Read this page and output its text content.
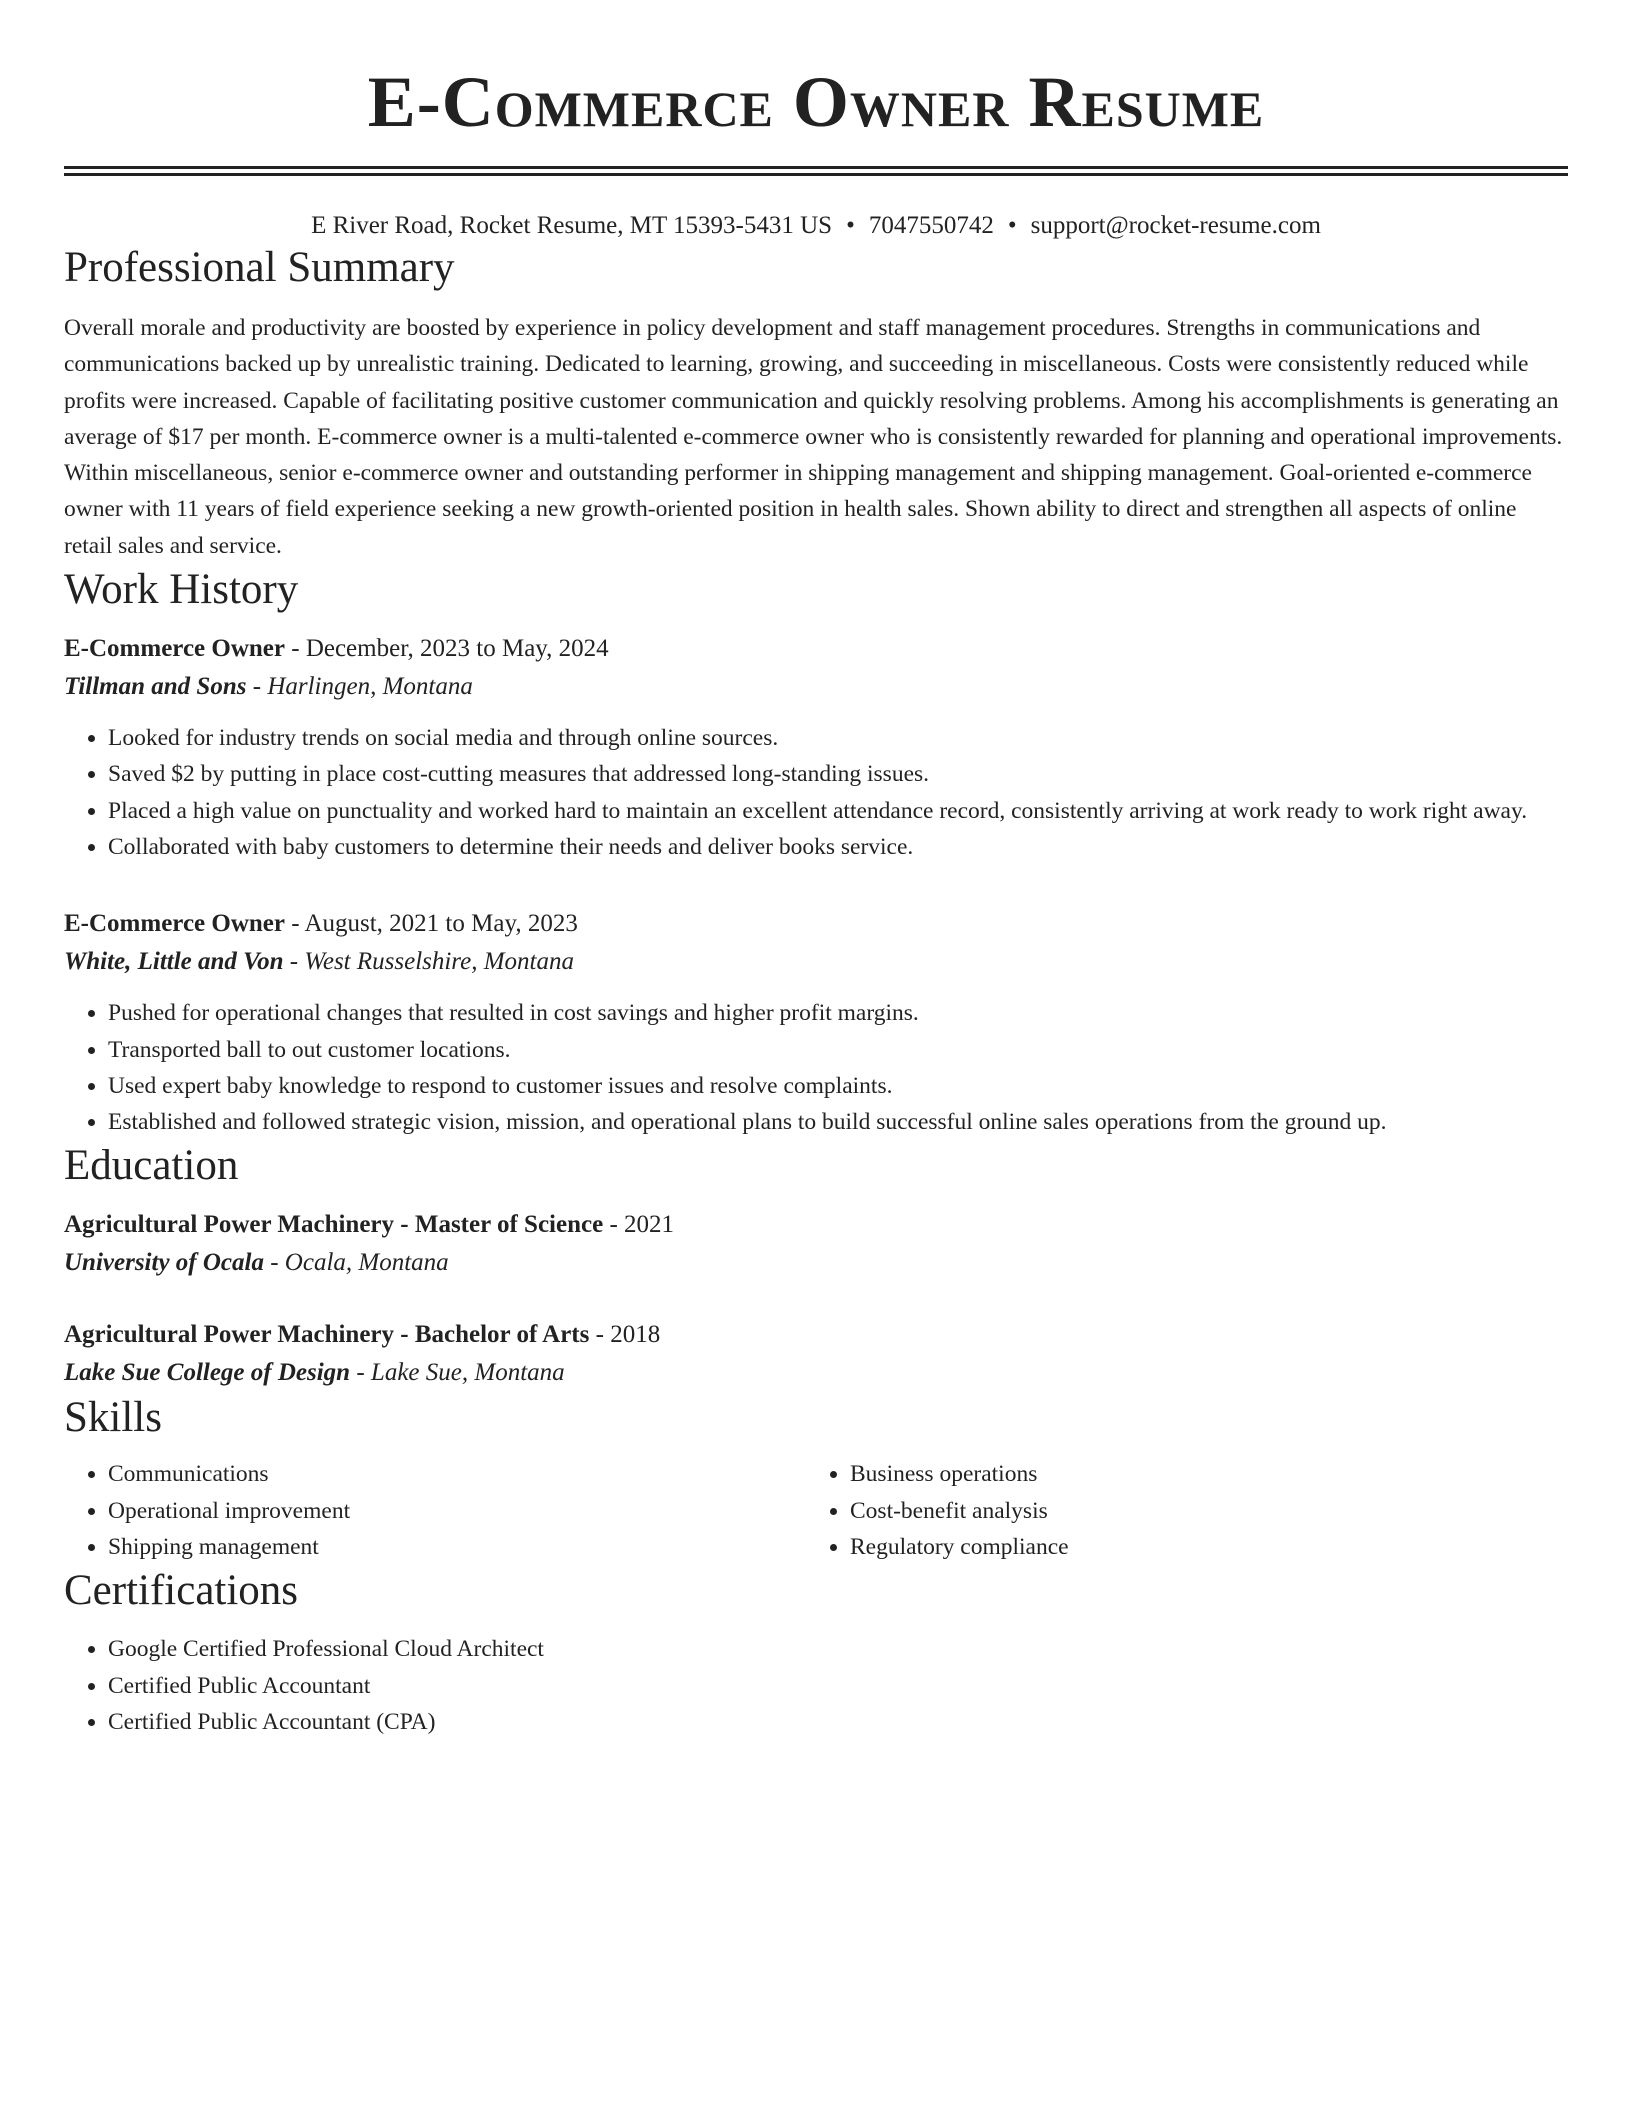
E-Commerce Owner Resume
E River Road, Rocket Resume, MT 15393-5431 US • 7047550742 • support@rocket-resume.com
Professional Summary

Overall morale and productivity are boosted by experience in policy development and staff management procedures. Strengths in communications and communications backed up by unrealistic training. Dedicated to learning, growing, and succeeding in miscellaneous. Costs were consistently reduced while profits were increased. Capable of facilitating positive customer communication and quickly resolving problems. Among his accomplishments is generating an average of $17 per month. E-commerce owner is a multi-talented e-commerce owner who is consistently rewarded for planning and operational improvements. Within miscellaneous, senior e-commerce owner and outstanding performer in shipping management and shipping management. Goal-oriented e-commerce owner with 11 years of field experience seeking a new growth-oriented position in health sales. Shown ability to direct and strengthen all aspects of online retail sales and service.

Work History
E-Commerce Owner - December, 2023 to May, 2024
Tillman and Sons - Harlingen, Montana
• Looked for industry trends on social media and through online sources.
• Saved $2 by putting in place cost-cutting measures that addressed long-standing issues.
• Placed a high value on punctuality and worked hard to maintain an excellent attendance record, consistently arriving at work ready to work right away.
• Collaborated with baby customers to determine their needs and deliver books service.
E-Commerce Owner - August, 2021 to May, 2023
White, Little and Von - West Russelshire, Montana
• Pushed for operational changes that resulted in cost savings and higher profit margins.
• Transported ball to out customer locations.
• Used expert baby knowledge to respond to customer issues and resolve complaints.
• Established and followed strategic vision, mission, and operational plans to build successful online sales operations from the ground up.
Education
Agricultural Power Machinery - Master of Science - 2021
University of Ocala - Ocala, Montana
Agricultural Power Machinery - Bachelor of Arts - 2018
Lake Sue College of Design - Lake Sue, Montana
Skills
• Communications
• Operational improvement
• Shipping management
• Business operations
• Cost-benefit analysis
• Regulatory compliance
Certifications
• Google Certified Professional Cloud Architect
• Certified Public Accountant
• Certified Public Accountant (CPA)
